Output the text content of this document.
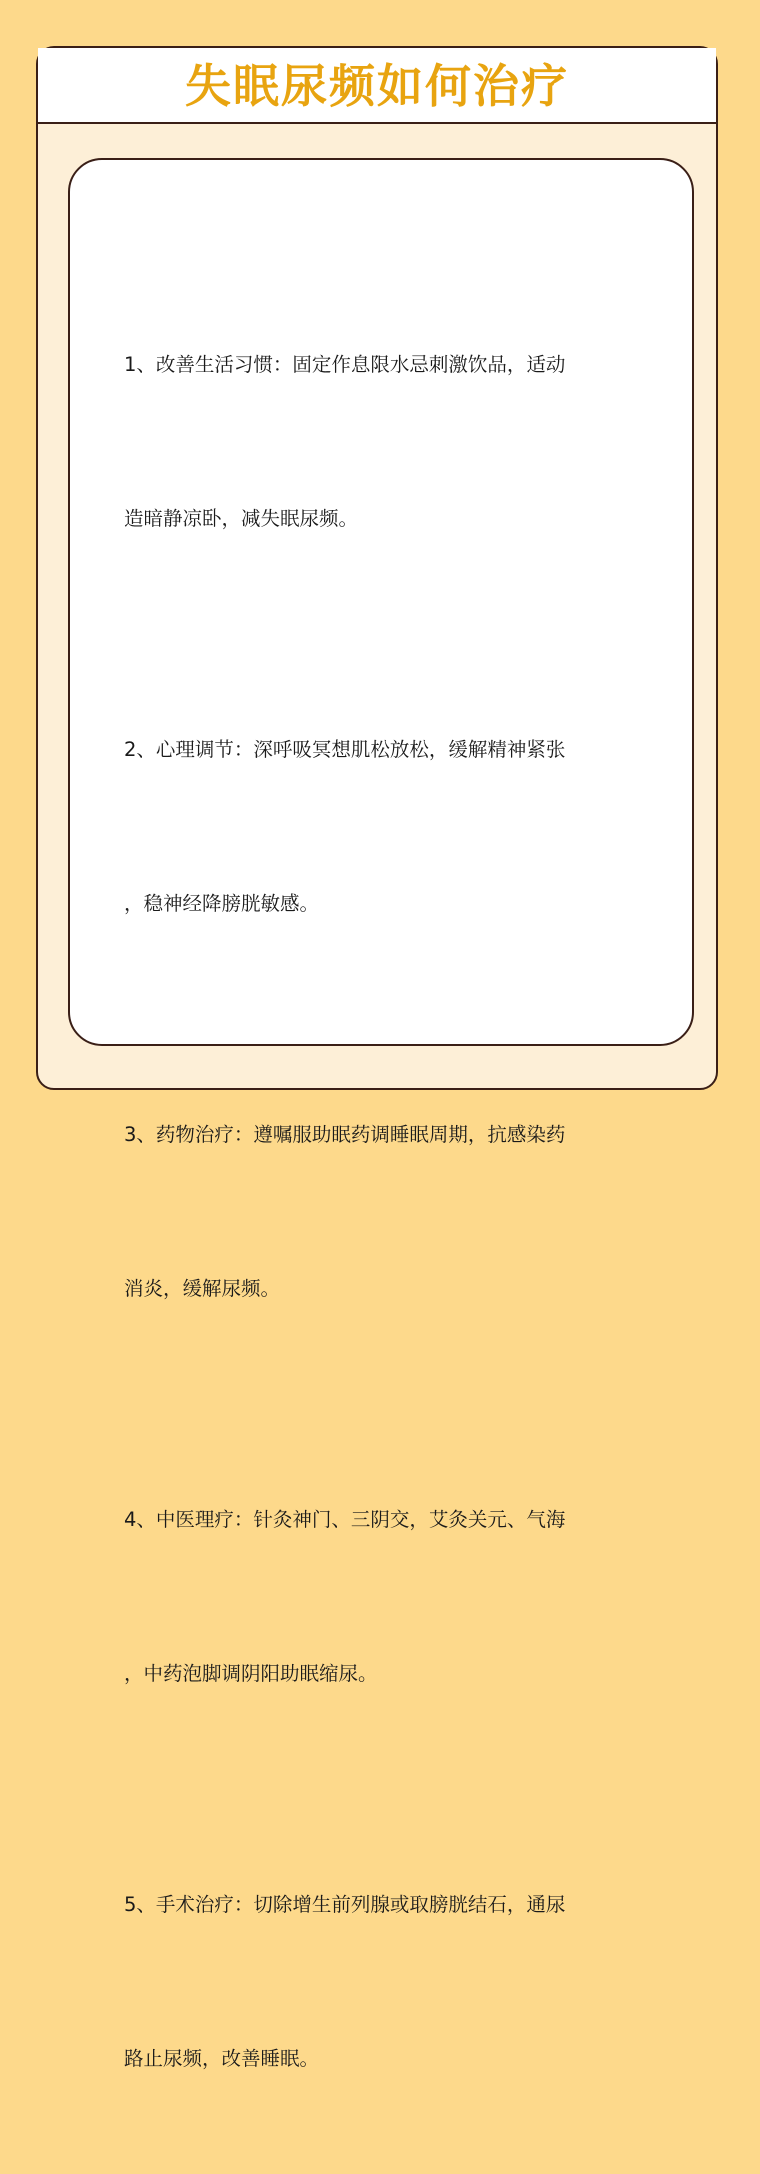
失眠尿频如何治疗

1、改善生活习惯：固定作息限水忌刺激饮品，适动

造暗静凉卧，减失眠尿频。

2、心理调节：深呼吸冥想肌松放松，缓解精神紧张

，稳神经降膀胱敏感。

3、药物治疗：遵嘱服助眠药调睡眠周期，抗感染药

消炎，缓解尿频。

4、中医理疗：针灸神门、三阴交，艾灸关元、气海

，中药泡脚调阴阳助眠缩尿。

5、手术治疗：切除增生前列腺或取膀胱结石，通尿

路止尿频，改善睡眠。
